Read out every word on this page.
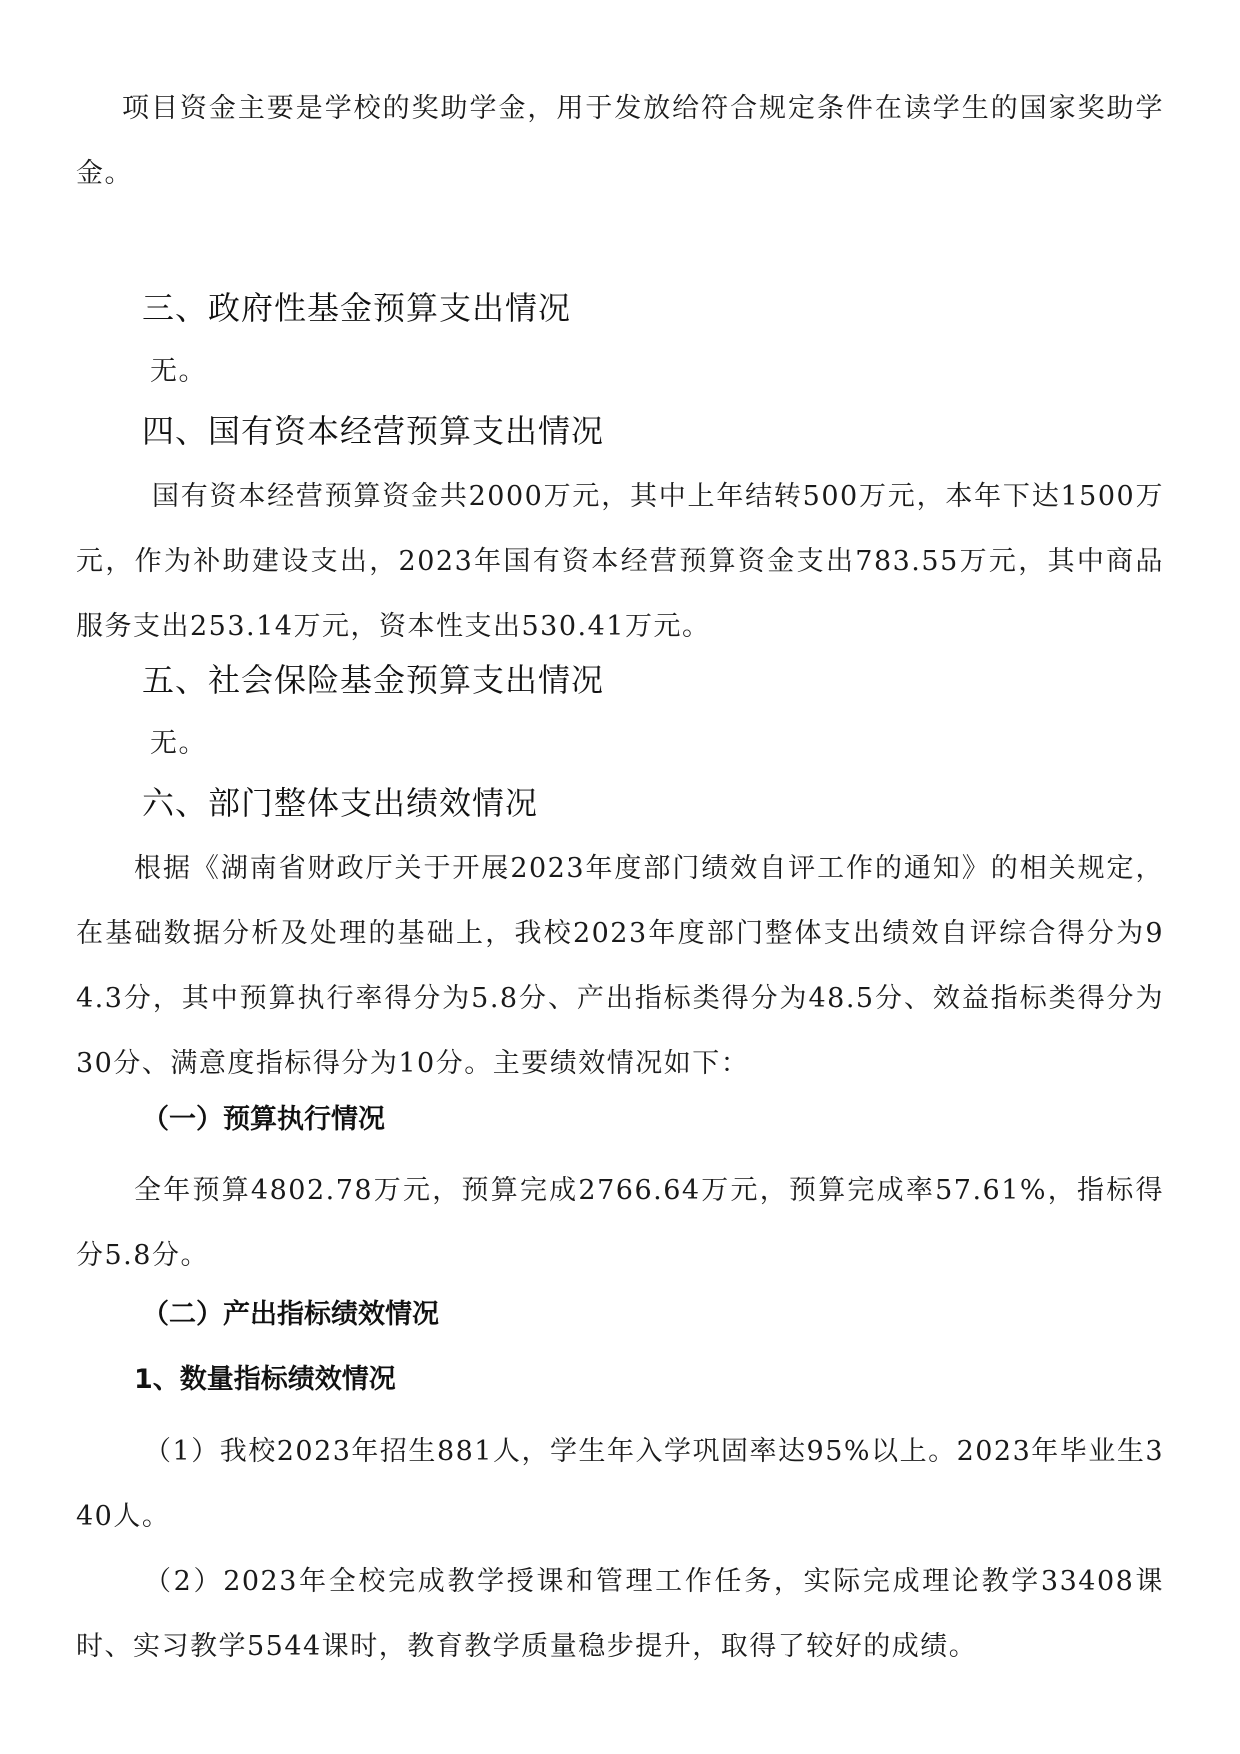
项目资金主要是学校的奖助学金，用于发放给符合规定条件在读学生的国家奖助学金。

三、政府性基金预算支出情况

无。

四、国有资本经营预算支出情况

国有资本经营预算资金共2000万元，其中上年结转500万元，本年下达1500万元，作为补助建设支出，2023年国有资本经营预算资金支出783.55万元，其中商品服务支出253.14万元，资本性支出530.41万元。

五、社会保险基金预算支出情况

无。

六、部门整体支出绩效情况

根据《湖南省财政厅关于开展2023年度部门绩效自评工作的通知》的相关规定，在基础数据分析及处理的基础上，我校2023年度部门整体支出绩效自评综合得分为94.3分，其中预算执行率得分为5.8分、产出指标类得分为48.5分、效益指标类得分为30分、满意度指标得分为10分。主要绩效情况如下：

（一）预算执行情况

全年预算4802.78万元，预算完成2766.64万元，预算完成率57.61%，指标得分5.8分。

（二）产出指标绩效情况
1、数量指标绩效情况

（1）我校2023年招生881人，学生年入学巩固率达95%以上。2023年毕业生340人。

（2）2023年全校完成教学授课和管理工作任务，实际完成理论教学33408课时、实习教学5544课时，教育教学质量稳步提升，取得了较好的成绩。
